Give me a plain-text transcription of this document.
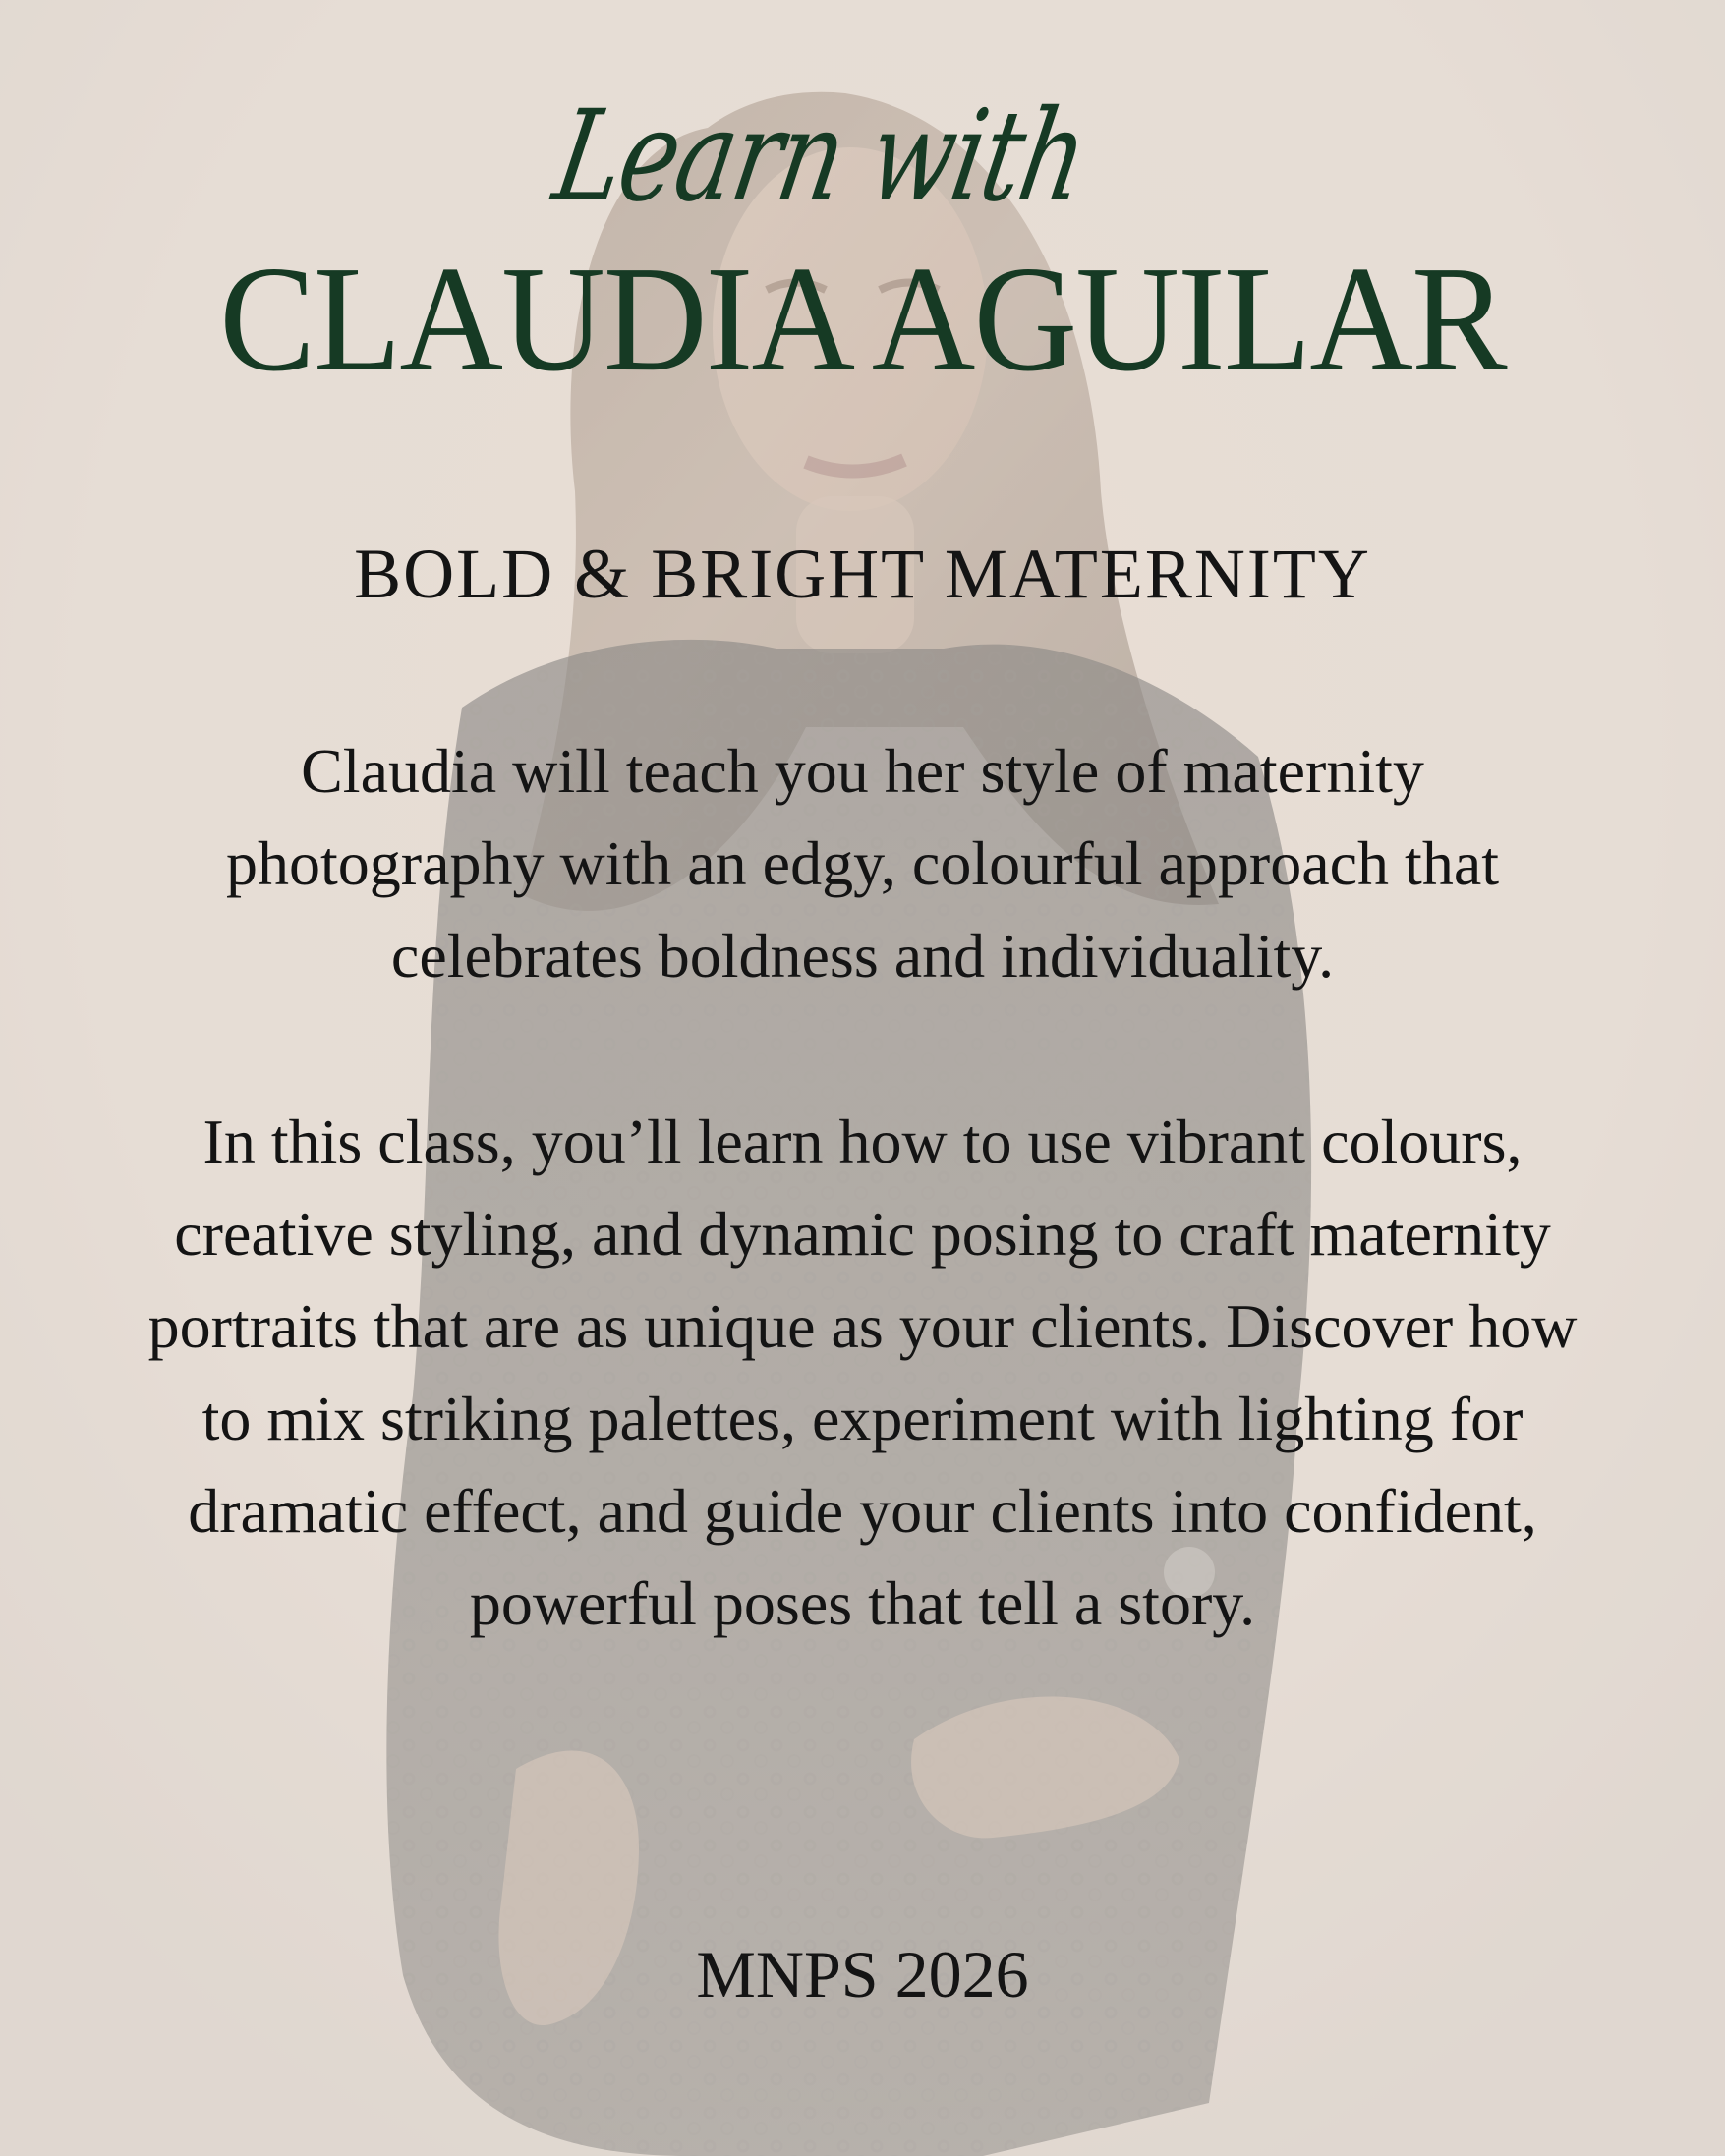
Learn with
CLAUDIA AGUILAR
BOLD & BRIGHT MATERNITY
Claudia will teach you her style of maternity photography with an edgy, colourful approach that celebrates boldness and individuality.
In this class, you’ll learn how to use vibrant colours, creative styling, and dynamic posing to craft maternity portraits that are as unique as your clients. Discover how to mix striking palettes, experiment with lighting for dramatic effect, and guide your clients into confident, powerful poses that tell a story.
MNPS 2026
